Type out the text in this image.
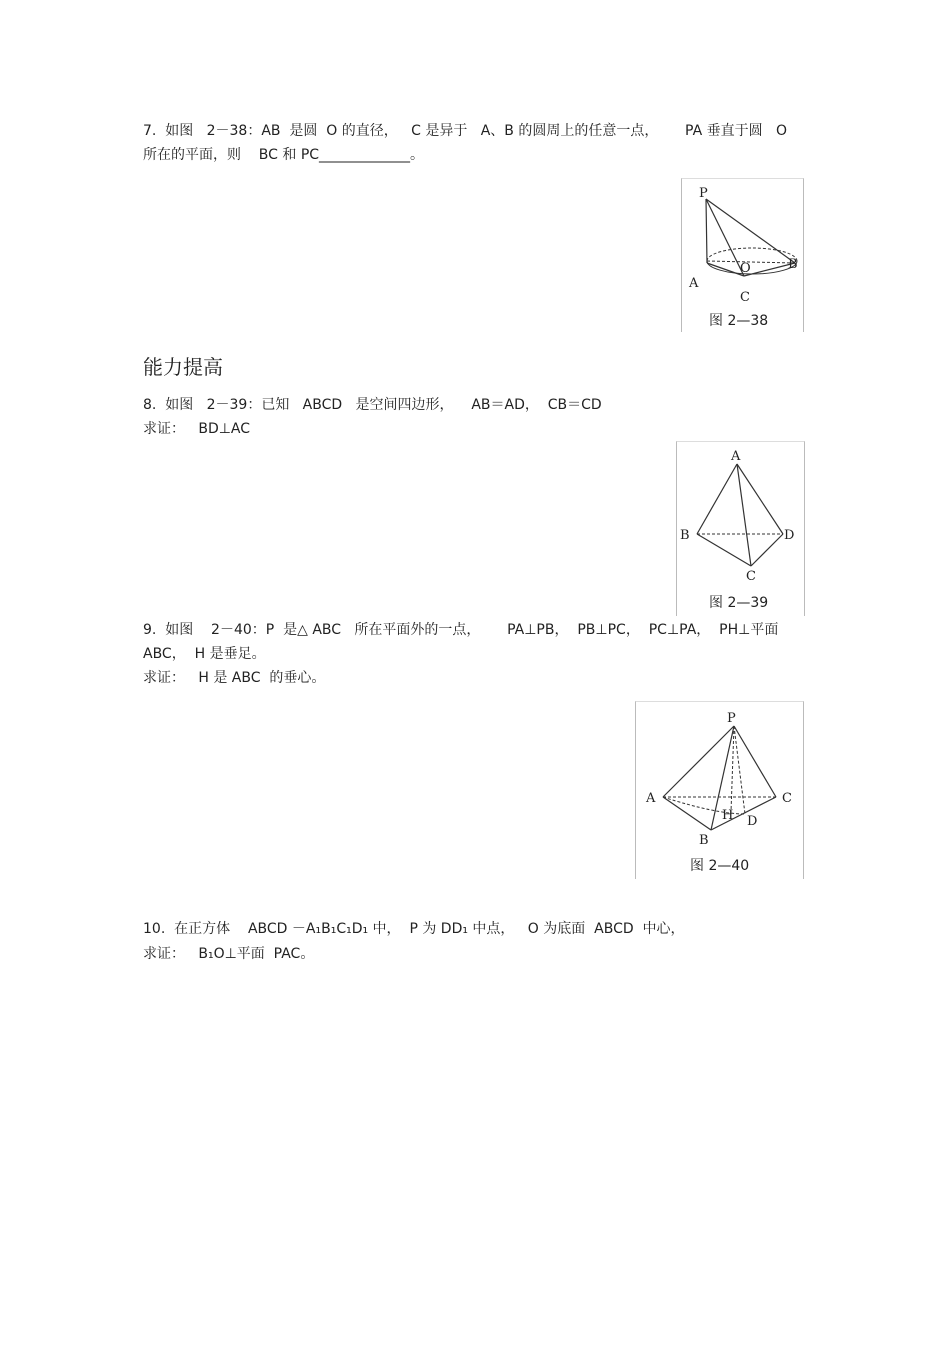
7.  如图   2－38：AB  是圆  O 的直径，   C 是异于   A、B 的圆周上的任意一点，      PA 垂直于圆   O
所在的平面，则    BC 和 PC_____________。
P
A
B
C
O
图 2—38
能力提高
8.  如图   2－39：已知   ABCD   是空间四边形，    AB＝AD，  CB＝CD
求证：   BD⊥AC
A
B
C
D
图 2—39
9.  如图    2－40：P  是△ ABC   所在平面外的一点，      PA⊥PB，  PB⊥PC，  PC⊥PA，  PH⊥平面
ABC，  H 是垂足。
求证：   H 是 ABC  的垂心。
P
A
B
C
D
H
图 2—40
10.  在正方体    ABCD －A₁B₁C₁D₁ 中，  P 为 DD₁ 中点，   O 为底面  ABCD  中心，
求证：   B₁O⊥平面  PAC。
